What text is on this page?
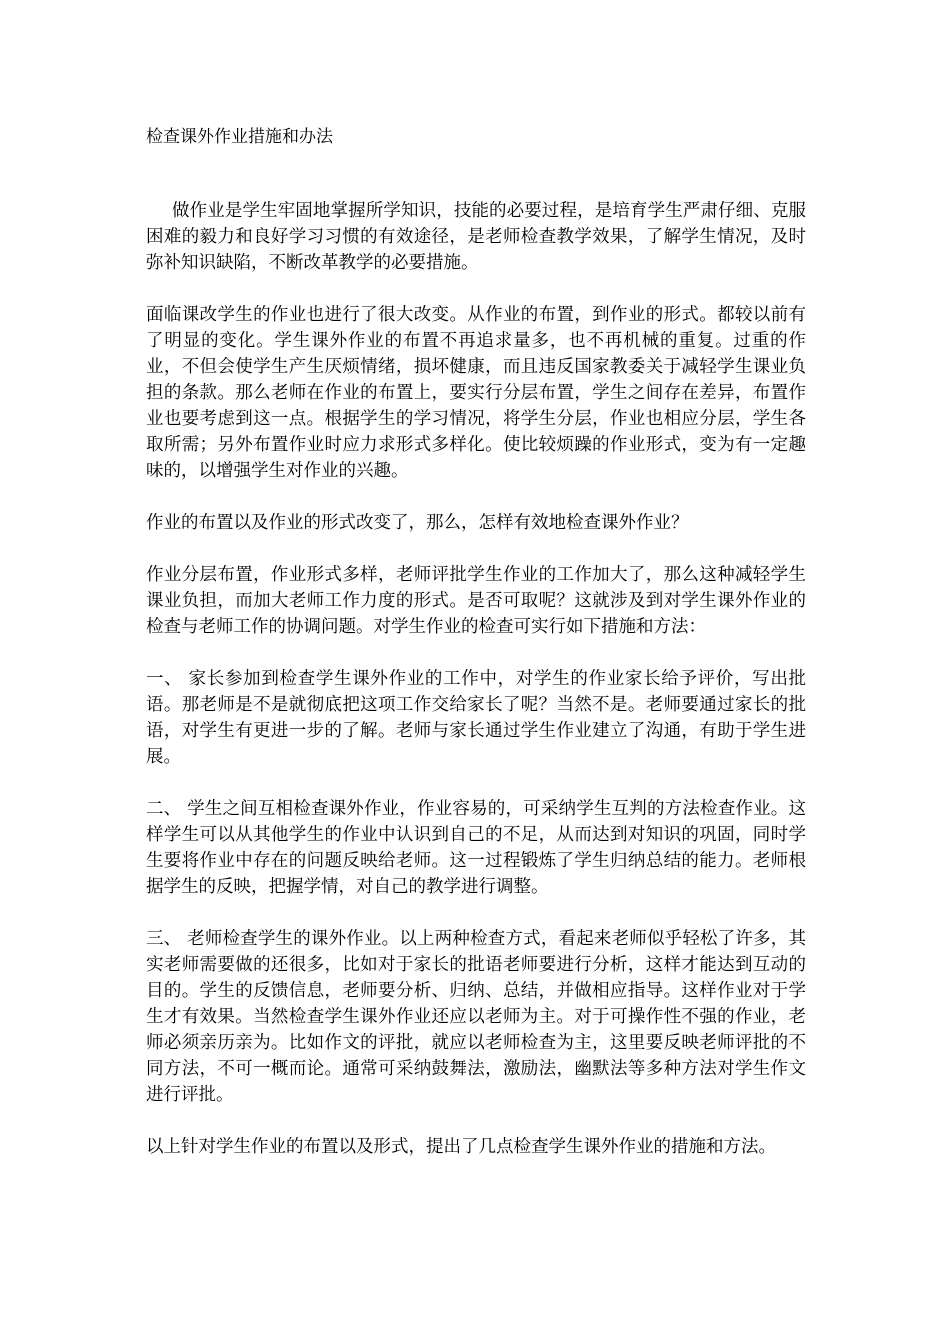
检查课外作业措施和办法

做作业是学生牢固地掌握所学知识，技能的必要过程，是培育学生严肃仔细、克服困难的毅力和良好学习习惯的有效途径，是老师检查教学效果，了解学生情况，及时弥补知识缺陷，不断改革教学的必要措施。

面临课改学生的作业也进行了很大改变。从作业的布置，到作业的形式。都较以前有了明显的变化。学生课外作业的布置不再追求量多，也不再机械的重复。过重的作业，不但会使学生产生厌烦情绪，损坏健康，而且违反国家教委关于减轻学生课业负担的条款。那么老师在作业的布置上，要实行分层布置，学生之间存在差异，布置作业也要考虑到这一点。根据学生的学习情况，将学生分层，作业也相应分层，学生各取所需；另外布置作业时应力求形式多样化。使比较烦躁的作业形式，变为有一定趣味的，以增强学生对作业的兴趣。

作业的布置以及作业的形式改变了，那么，怎样有效地检查课外作业？

作业分层布置，作业形式多样，老师评批学生作业的工作加大了，那么这种减轻学生课业负担，而加大老师工作力度的形式。是否可取呢？这就涉及到对学生课外作业的检查与老师工作的协调问题。对学生作业的检查可实行如下措施和方法：

一、 家长参加到检查学生课外作业的工作中，对学生的作业家长给予评价，写出批语。那老师是不是就彻底把这项工作交给家长了呢？当然不是。老师要通过家长的批语，对学生有更进一步的了解。老师与家长通过学生作业建立了沟通，有助于学生进展。

二、 学生之间互相检查课外作业，作业容易的，可采纳学生互判的方法检查作业。这样学生可以从其他学生的作业中认识到自己的不足，从而达到对知识的巩固，同时学生要将作业中存在的问题反映给老师。这一过程锻炼了学生归纳总结的能力。老师根据学生的反映，把握学情，对自己的教学进行调整。

三、 老师检查学生的课外作业。以上两种检查方式，看起来老师似乎轻松了许多，其实老师需要做的还很多，比如对于家长的批语老师要进行分析，这样才能达到互动的目的。学生的反馈信息，老师要分析、归纳、总结，并做相应指导。这样作业对于学生才有效果。当然检查学生课外作业还应以老师为主。对于可操作性不强的作业，老师必须亲历亲为。比如作文的评批，就应以老师检查为主，这里要反映老师评批的不同方法，不可一概而论。通常可采纳鼓舞法，激励法，幽默法等多种方法对学生作文进行评批。

以上针对学生作业的布置以及形式，提出了几点检查学生课外作业的措施和方法。
